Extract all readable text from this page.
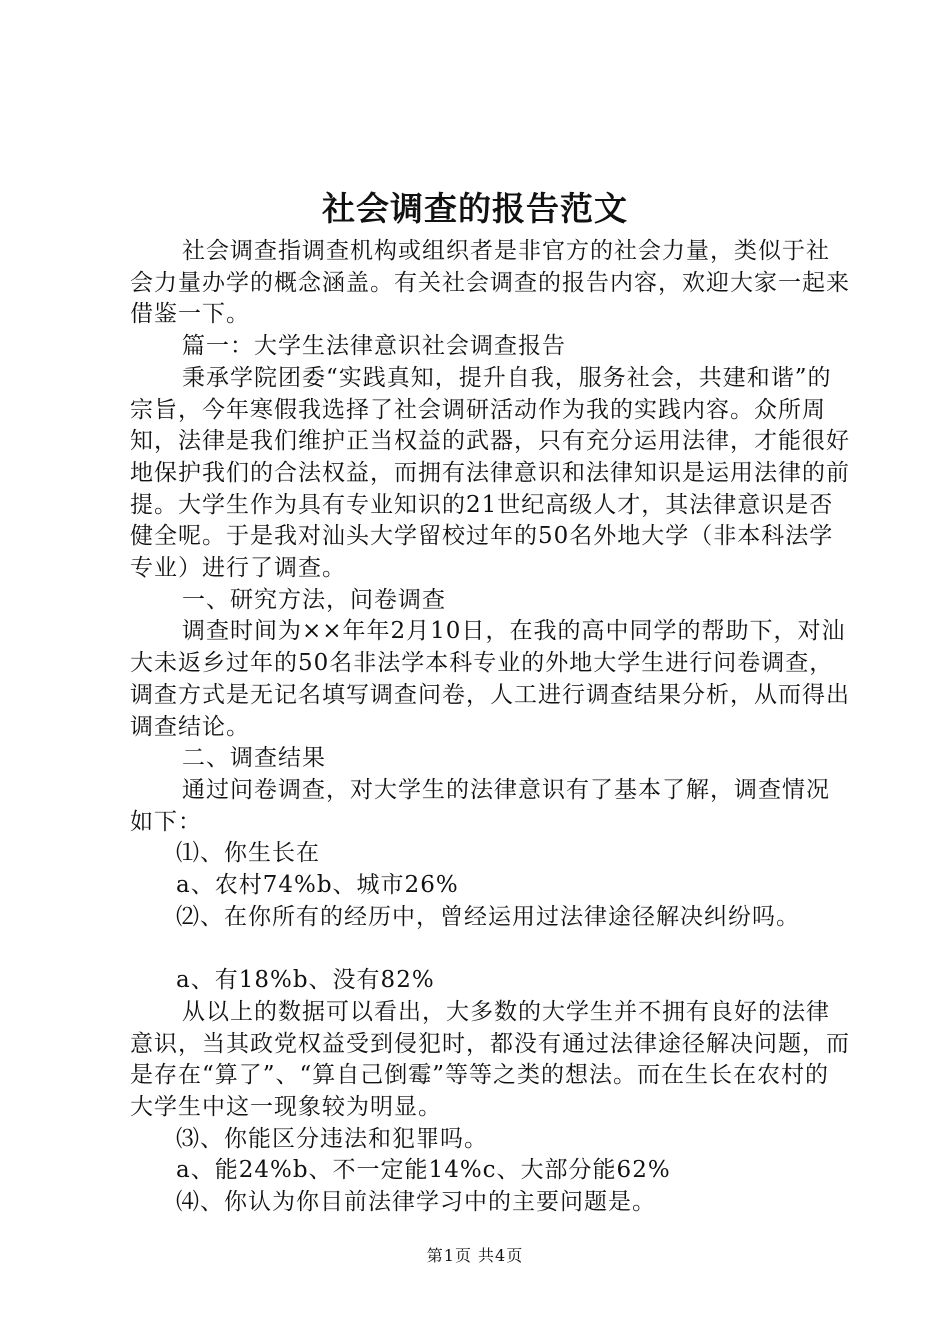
社会调查的报告范文

社会调查指调查机构或组织者是非官方的社会力量，类似于社会力量办学的概念涵盖。有关社会调查的报告内容，欢迎大家一起来借鉴一下。

篇一：大学生法律意识社会调查报告

秉承学院团委“实践真知，提升自我，服务社会，共建和谐”的宗旨，今年寒假我选择了社会调研活动作为我的实践内容。众所周知，法律是我们维护正当权益的武器，只有充分运用法律，才能很好地保护我们的合法权益，而拥有法律意识和法律知识是运用法律的前提。大学生作为具有专业知识的21世纪高级人才，其法律意识是否健全呢。于是我对汕头大学留校过年的50名外地大学（非本科法学专业）进行了调查。

一、研究方法，问卷调查

调查时间为××年年2月10日，在我的高中同学的帮助下，对汕大未返乡过年的50名非法学本科专业的外地大学生进行问卷调查，调查方式是无记名填写调查问卷，人工进行调查结果分析，从而得出调查结论。

二、调查结果

通过问卷调查，对大学生的法律意识有了基本了解，调查情况如下：

⑴、你生长在

a、农村74%b、城市26%

⑵、在你所有的经历中，曾经运用过法律途径解决纠纷吗。

a、有18%b、没有82%

从以上的数据可以看出，大多数的大学生并不拥有良好的法律意识，当其政党权益受到侵犯时，都没有通过法律途径解决问题，而是存在“算了”、“算自己倒霉”等等之类的想法。而在生长在农村的大学生中这一现象较为明显。

⑶、你能区分违法和犯罪吗。

a、能24%b、不一定能14%c、大部分能62%

⑷、你认为你目前法律学习中的主要问题是。

第1页 共4页
